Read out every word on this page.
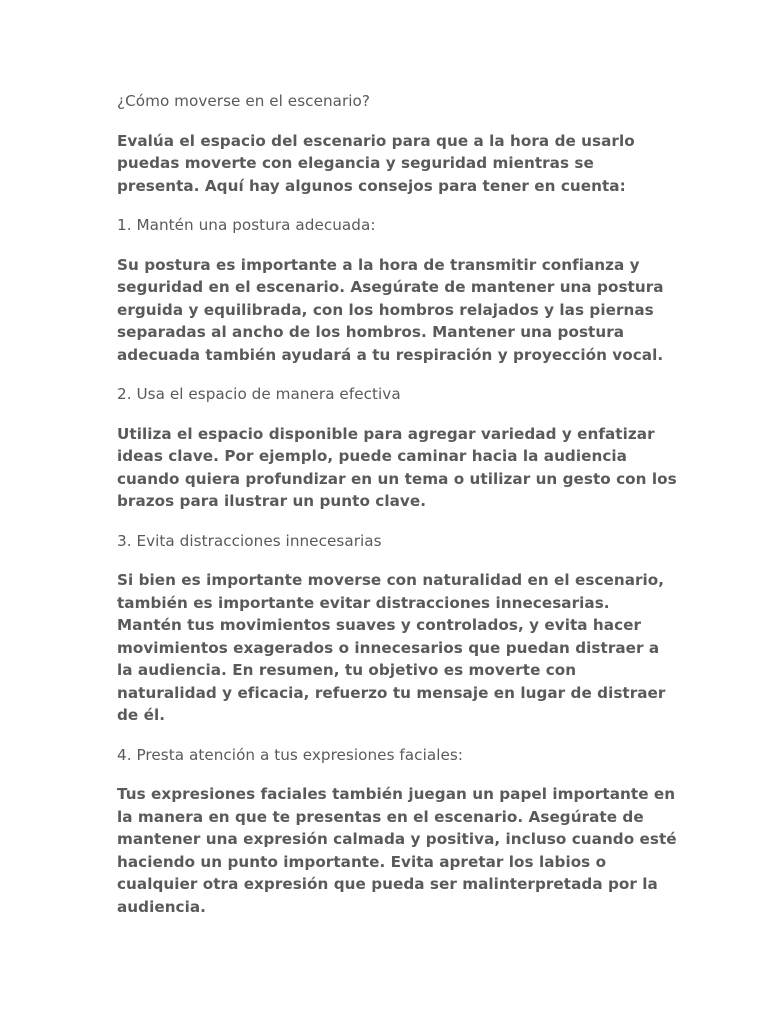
¿Cómo moverse en el escenario?

Evalúa el espacio del escenario para que a la hora de usarlo puedas moverte con elegancia y seguridad mientras se presenta. Aquí hay algunos consejos para tener en cuenta:

1. Mantén una postura adecuada:

Su postura es importante a la hora de transmitir confianza y seguridad en el escenario. Asegúrate de mantener una postura erguida y equilibrada, con los hombros relajados y las piernas separadas al ancho de los hombros. Mantener una postura adecuada también ayudará a tu respiración y proyección vocal.

2. Usa el espacio de manera efectiva

Utiliza el espacio disponible para agregar variedad y enfatizar ideas clave. Por ejemplo, puede caminar hacia la audiencia cuando quiera profundizar en un tema o utilizar un gesto con los brazos para ilustrar un punto clave.

3. Evita distracciones innecesarias

Si bien es importante moverse con naturalidad en el escenario, también es importante evitar distracciones innecesarias. Mantén tus movimientos suaves y controlados, y evita hacer movimientos exagerados o innecesarios que puedan distraer a la audiencia. En resumen, tu objetivo es moverte con naturalidad y eficacia, refuerzo tu mensaje en lugar de distraer de él.

4. Presta atención a tus expresiones faciales:

Tus expresiones faciales también juegan un papel importante en la manera en que te presentas en el escenario. Asegúrate de mantener una expresión calmada y positiva, incluso cuando esté haciendo un punto importante. Evita apretar los labios o cualquier otra expresión que pueda ser malinterpretada por la audiencia.
